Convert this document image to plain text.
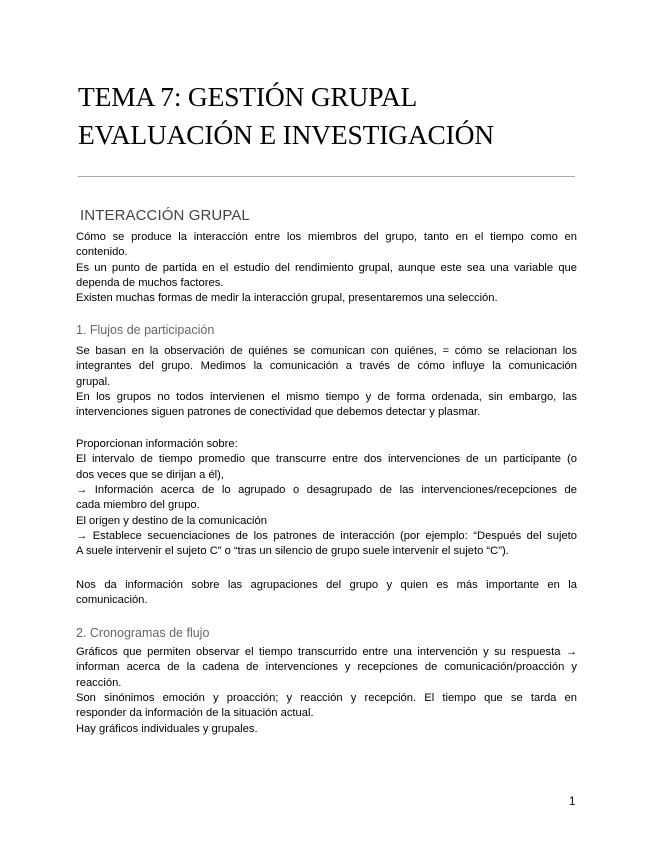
TEMA 7: GESTIÓN GRUPAL
EVALUACIÓN E INVESTIGACIÓN
INTERACCIÓN GRUPAL
Cómo se produce la interacción entre los miembros del grupo, tanto en el tiempo como en
contenido.
Es un punto de partida en el estudio del rendimiento grupal, aunque este sea una variable que
dependa de muchos factores.
Existen muchas formas de medir la interacción grupal, presentaremos una selección.
1. Flujos de participación
Se basan en la observación de quiénes se comunican con quiénes, = cómo se relacionan los
integrantes del grupo. Medimos la comunicación a través de cómo influye la comunicación
grupal.
En los grupos no todos intervienen el mismo tiempo y de forma ordenada, sin embargo, las
intervenciones siguen patrones de conectividad que debemos detectar y plasmar.
Proporcionan información sobre:
El intervalo de tiempo promedio que transcurre entre dos intervenciones de un participante (o
dos veces que se dirijan a él),
→ Información acerca de lo agrupado o desagrupado de las intervenciones/recepciones de
cada miembro del grupo.
El origen y destino de la comunicación
→ Establece secuenciaciones de los patrones de interacción (por ejemplo: “Después del sujeto
A suele intervenir el sujeto C” o “tras un silencio de grupo suele intervenir el sujeto “C”).
Nos da información sobre las agrupaciones del grupo y quien es más importante en la
comunicación.
2. Cronogramas de flujo
Gráficos que permiten observar el tiempo transcurrido entre una intervención y su respuesta →
informan acerca de la cadena de intervenciones y recepciones de comunicación/proacción y
reacción.
Son sinónimos emoción y proacción; y reacción y recepción. El tiempo que se tarda en
responder da información de la situación actual.
Hay gráficos individuales y grupales.
1
